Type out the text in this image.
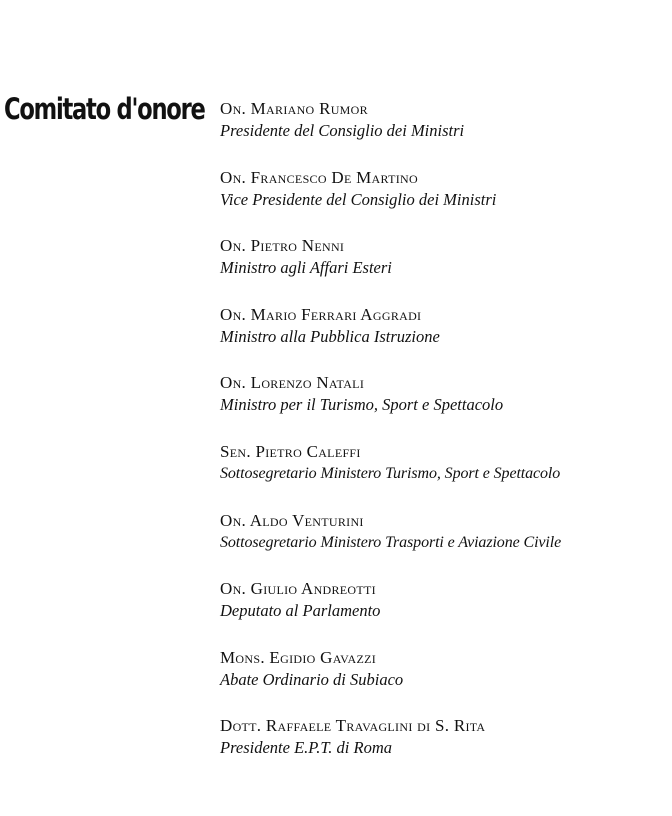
Comitato d'onore On. Mariano Rumor
Presidente del Consiglio dei Ministri
On. Francesco De Martino
Vice Presidente del Consiglio dei Ministri
On. Pietro Nenni
Ministro agli Affari Esteri
On. Mario Ferrari Aggradi
Ministro alla Pubblica Istruzione
On. Lorenzo Natali
Ministro per il Turismo, Sport e Spettacolo
Sen. Pietro Caleffi
Sottosegretario Ministero Turismo, Sport e Spettacolo
On. Aldo Venturini
Sottosegretario Ministero Trasporti e Aviazione Civile
On. Giulio Andreotti
Deputato al Parlamento
Mons. Egidio Gavazzi
Abate Ordinario di Subiaco
Dott. Raffaele Travaglini di S. Rita
Presidente E.P.T. di Roma
